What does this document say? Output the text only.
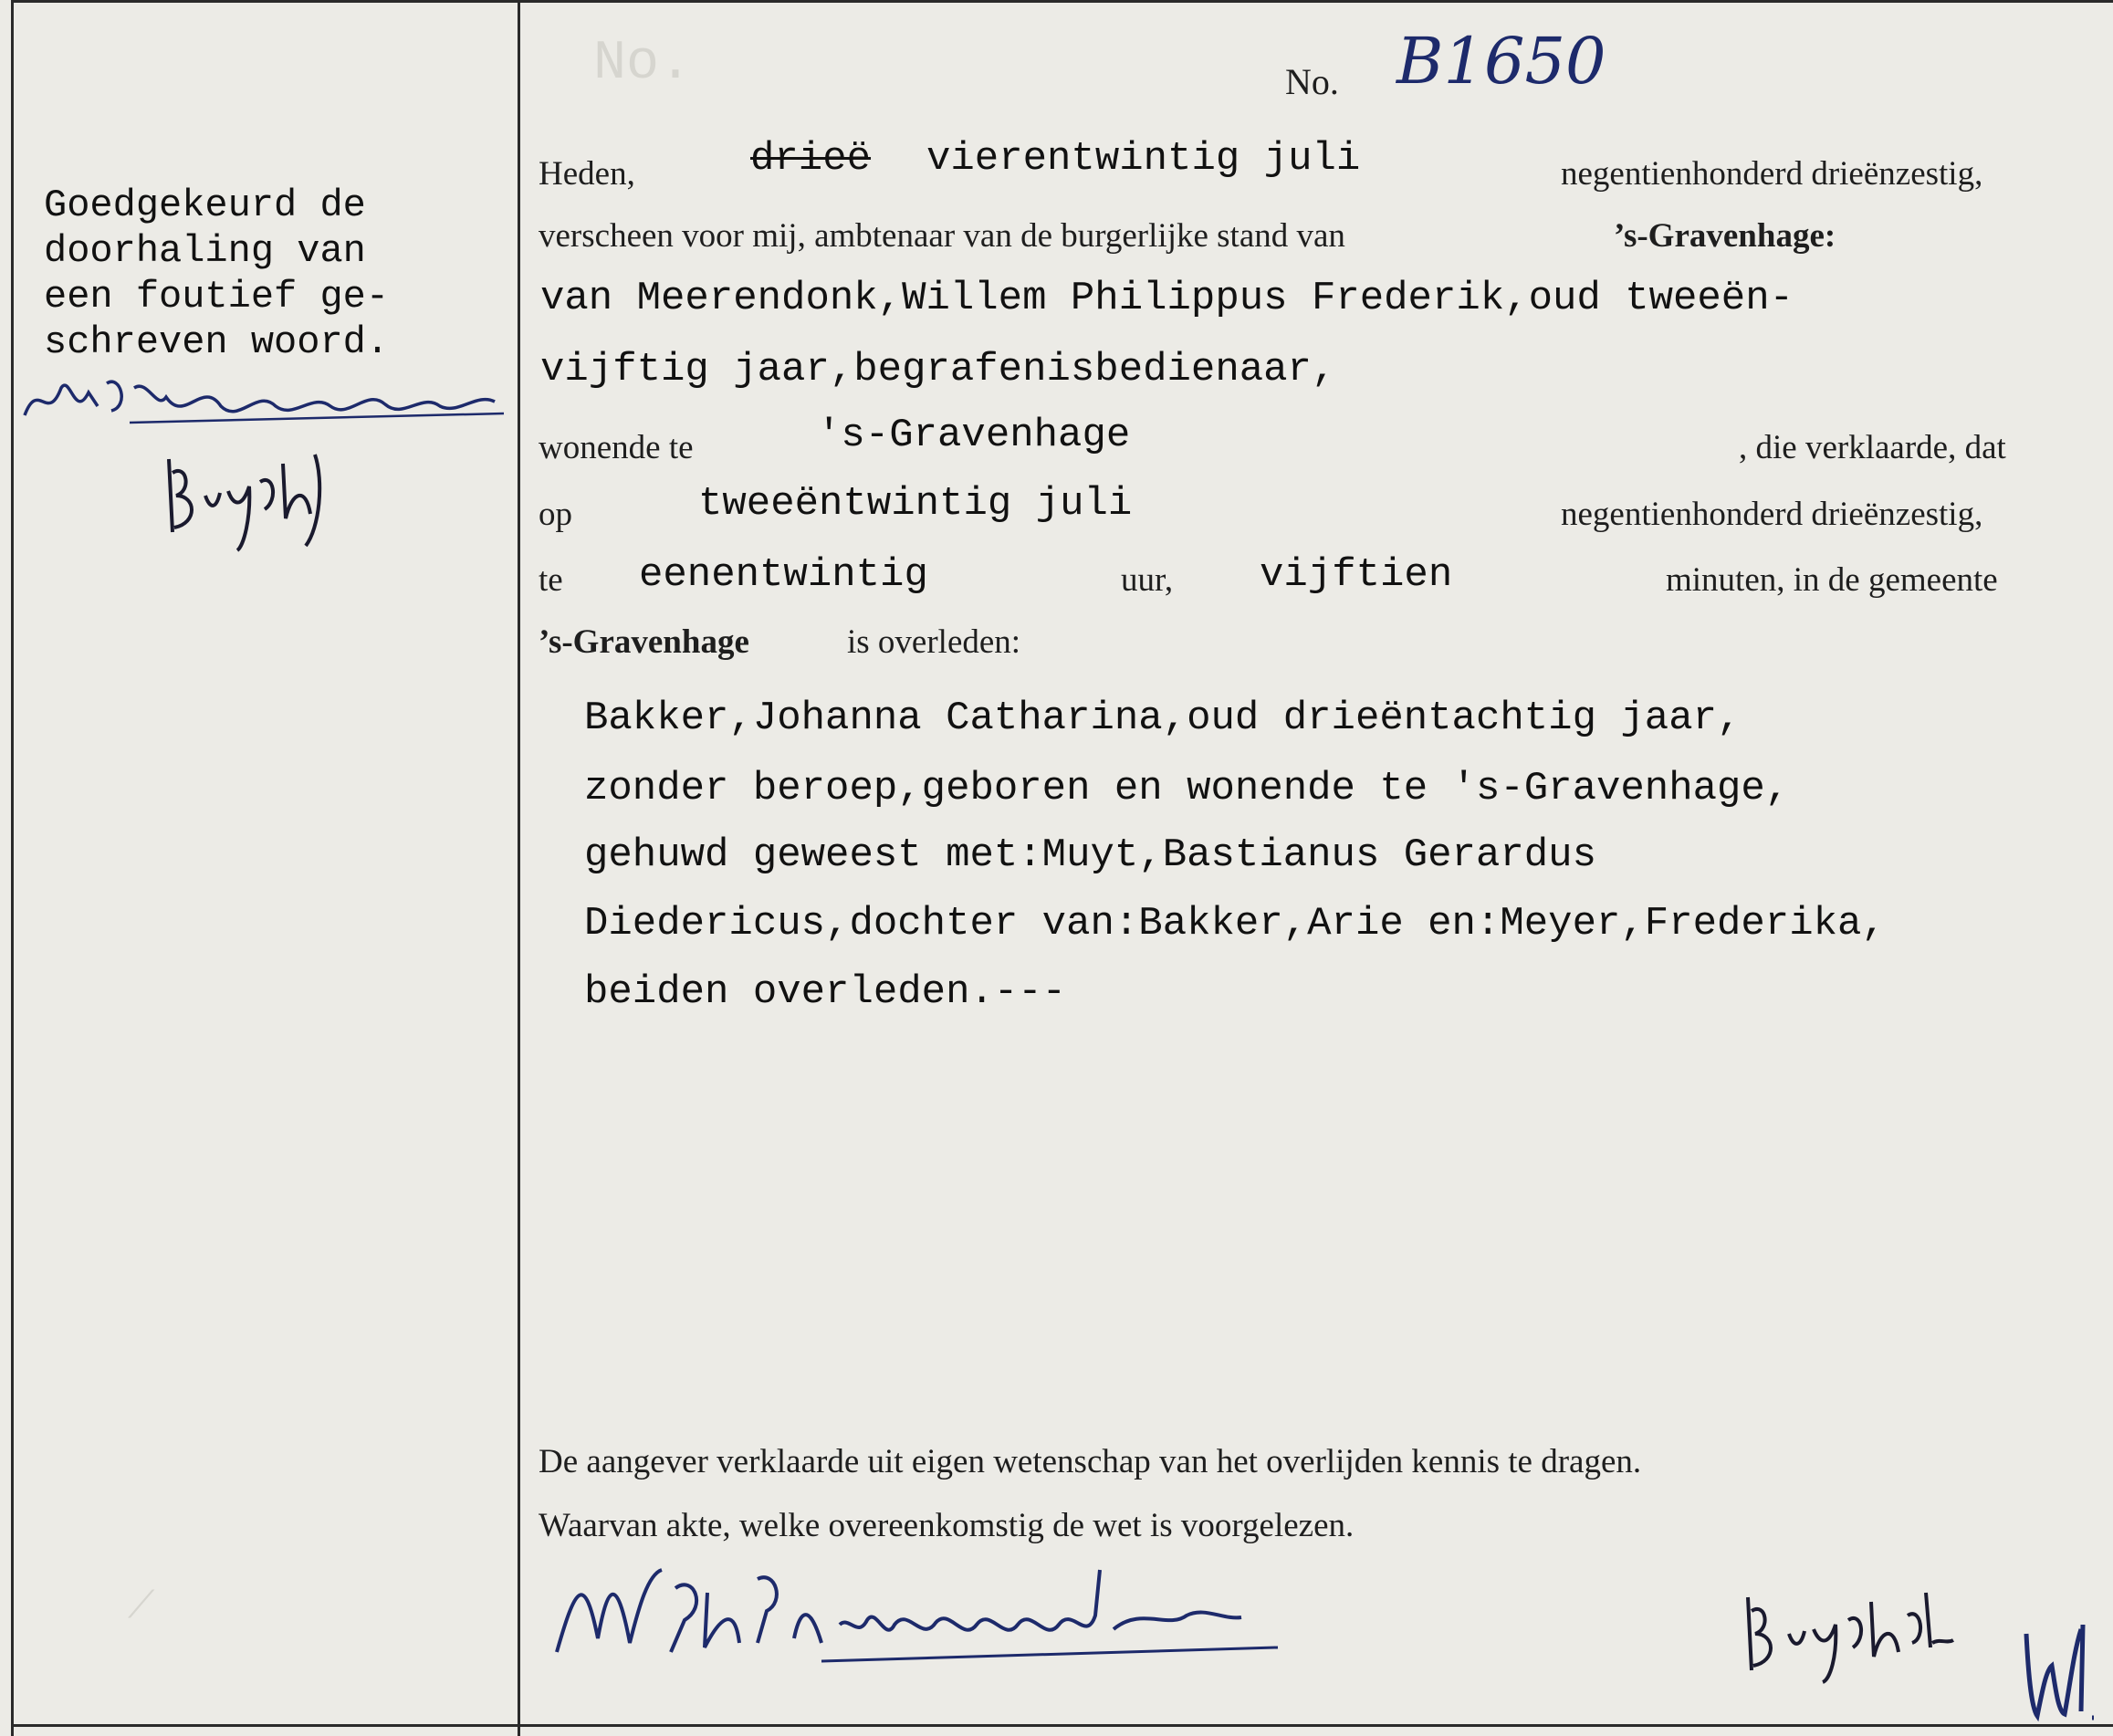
No.
⟋
No. B1650
Goedgekeurd de
doorhaling van
een foutief ge-
schreven woord.
Heden,	drieë vierentwintig juli	negentienhonderd drieënzestig,
verscheen voor mij, ambtenaar van de burgerlijke stand van	’s-Gravenhage:
van Meerendonk,Willem Philippus Frederik,oud tweeën-
vijftig jaar,begrafenisbedienaar,
wonende te	's-Gravenhage	, die verklaarde, dat
op	tweeëntwintig juli	negentienhonderd drieënzestig,
te eenentwintig	uur, vijftien	minuten, in de gemeente
’s-Gravenhage	is overleden:
Bakker,Johanna Catharina,oud drieëntachtig jaar,
zonder beroep,geboren en wonende te 's-Gravenhage,
gehuwd geweest met:Muyt,Bastianus Gerardus
Diedericus,dochter van:Bakker,Arie en:Meyer,Frederika,
beiden overleden.---
De aangever verklaarde uit eigen wetenschap van het overlijden kennis te dragen.
Waarvan akte, welke overeenkomstig de wet is voorgelezen.
